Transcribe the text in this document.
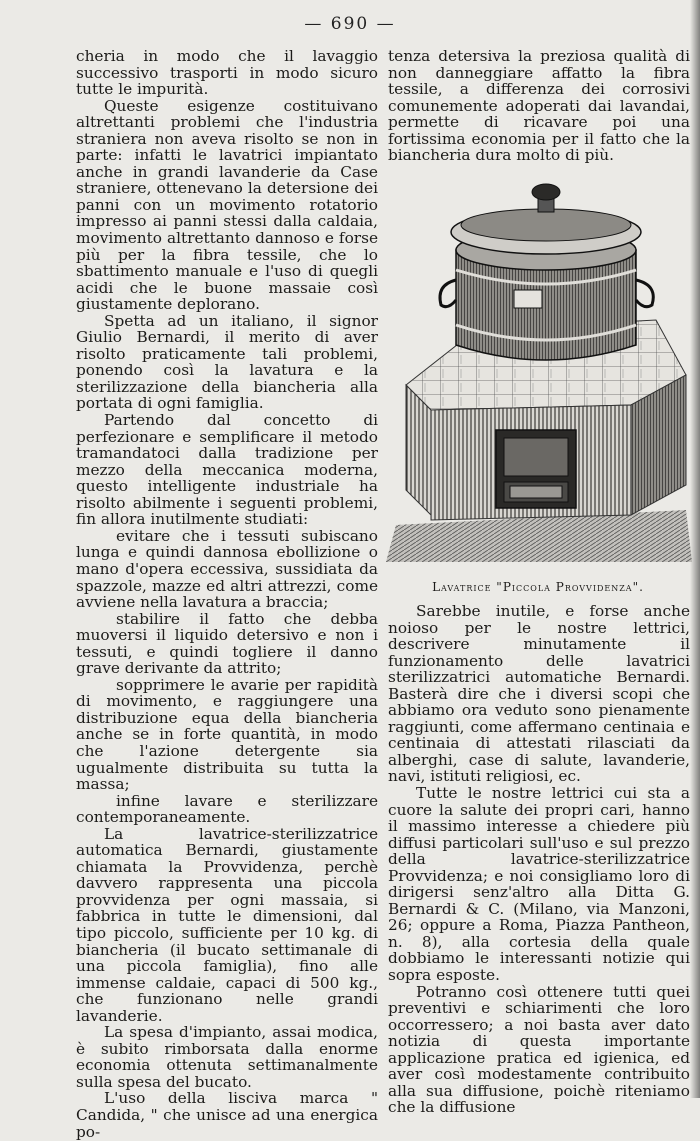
— 690 —

cheria in modo che il lavaggio successivo trasporti in modo sicuro tutte le impurità.

Queste esigenze costituivano altrettanti problemi che l'industria straniera non aveva risolto se non in parte: infatti le lavatrici impiantato anche in grandi lavanderie da Case straniere, ottenevano la detersione dei panni con un movimento rotatorio impresso ai panni stessi dalla caldaia, movimento altrettanto dannoso e forse più per la fibra tessile, che lo sbattimento manuale e l'uso di quegli acidi che le buone massaie così giustamente deplorano.

Spetta ad un italiano, il signor Giulio Bernardi, il merito di aver risolto praticamente tali problemi, ponendo così la lavatura e la sterilizzazione della biancheria alla portata di ogni famiglia.

Partendo dal concetto di perfezionare e semplificare il metodo tramandatoci dalla tradizione per mezzo della meccanica moderna, questo intelligente industriale ha risolto abilmente i seguenti problemi, fin allora inutilmente studiati:

evitare che i tessuti subiscano lunga e quindi dannosa ebollizione o mano d'opera eccessiva, sussidiata da spazzole, mazze ed altri attrezzi, come avviene nella lavatura a braccia;

stabilire il fatto che debba muoversi il liquido detersivo e non i tessuti, e quindi togliere il danno grave derivante da attrito;

sopprimere le avarie per rapidità di movimento, e raggiungere una distribuzione equa della biancheria anche se in forte quantità, in modo che l'azione detergente sia ugualmente distribuita su tutta la massa;

infine lavare e sterilizzare contemporaneamente.

La lavatrice-sterilizzatrice automatica Bernardi, giustamente chiamata la Provvidenza, perchè davvero rappresenta una piccola provvidenza per ogni massaia, si fabbrica in tutte le dimensioni, dal tipo piccolo, sufficiente per 10 kg. di biancheria (il bucato settimanale di una piccola famiglia), fino alle immense caldaie, capaci di 500 kg., che funzionano nelle grandi lavanderie.

La spesa d'impianto, assai modica, è subito rimborsata dalla enorme economia ottenuta settimanalmente sulla spesa del bucato.

L'uso della lisciva marca " Candida, " che unisce ad una energica po-

tenza detersiva la preziosa qualità di non danneggiare affatto la fibra tessile, a differenza dei corrosivi comunemente adoperati dai lavandai, permette di ricavare poi una fortissima economia per il fatto che la biancheria dura molto di più.

Lavatrice "Piccola Provvidenza".

Sarebbe inutile, e forse anche noioso per le nostre lettrici, descrivere minutamente il funzionamento delle lavatrici sterilizzatrici automatiche Bernardi. Basterà dire che i diversi scopi che abbiamo ora veduto sono pienamente raggiunti, come affermano centinaia e centinaia di attestati rilasciati da alberghi, case di salute, lavanderie, navi, istituti religiosi, ec.

Tutte le nostre lettrici cui sta a cuore la salute dei propri cari, hanno il massimo interesse a chiedere più diffusi particolari sull'uso e sul prezzo della lavatrice-sterilizzatrice Provvidenza; e noi consigliamo loro di dirigersi senz'altro alla Ditta G. Bernardi & C. (Milano, via Manzoni, 26; oppure a Roma, Piazza Pantheon, n. 8), alla cortesia della quale dobbiamo le interessanti notizie qui sopra esposte.

Potranno così ottenere tutti quei preventivi e schiarimenti che loro occorressero; a noi basta aver dato notizia di questa importante applicazione pratica ed igienica, ed aver così modestamente contribuito alla sua diffusione, poichè riteniamo che la diffusione
